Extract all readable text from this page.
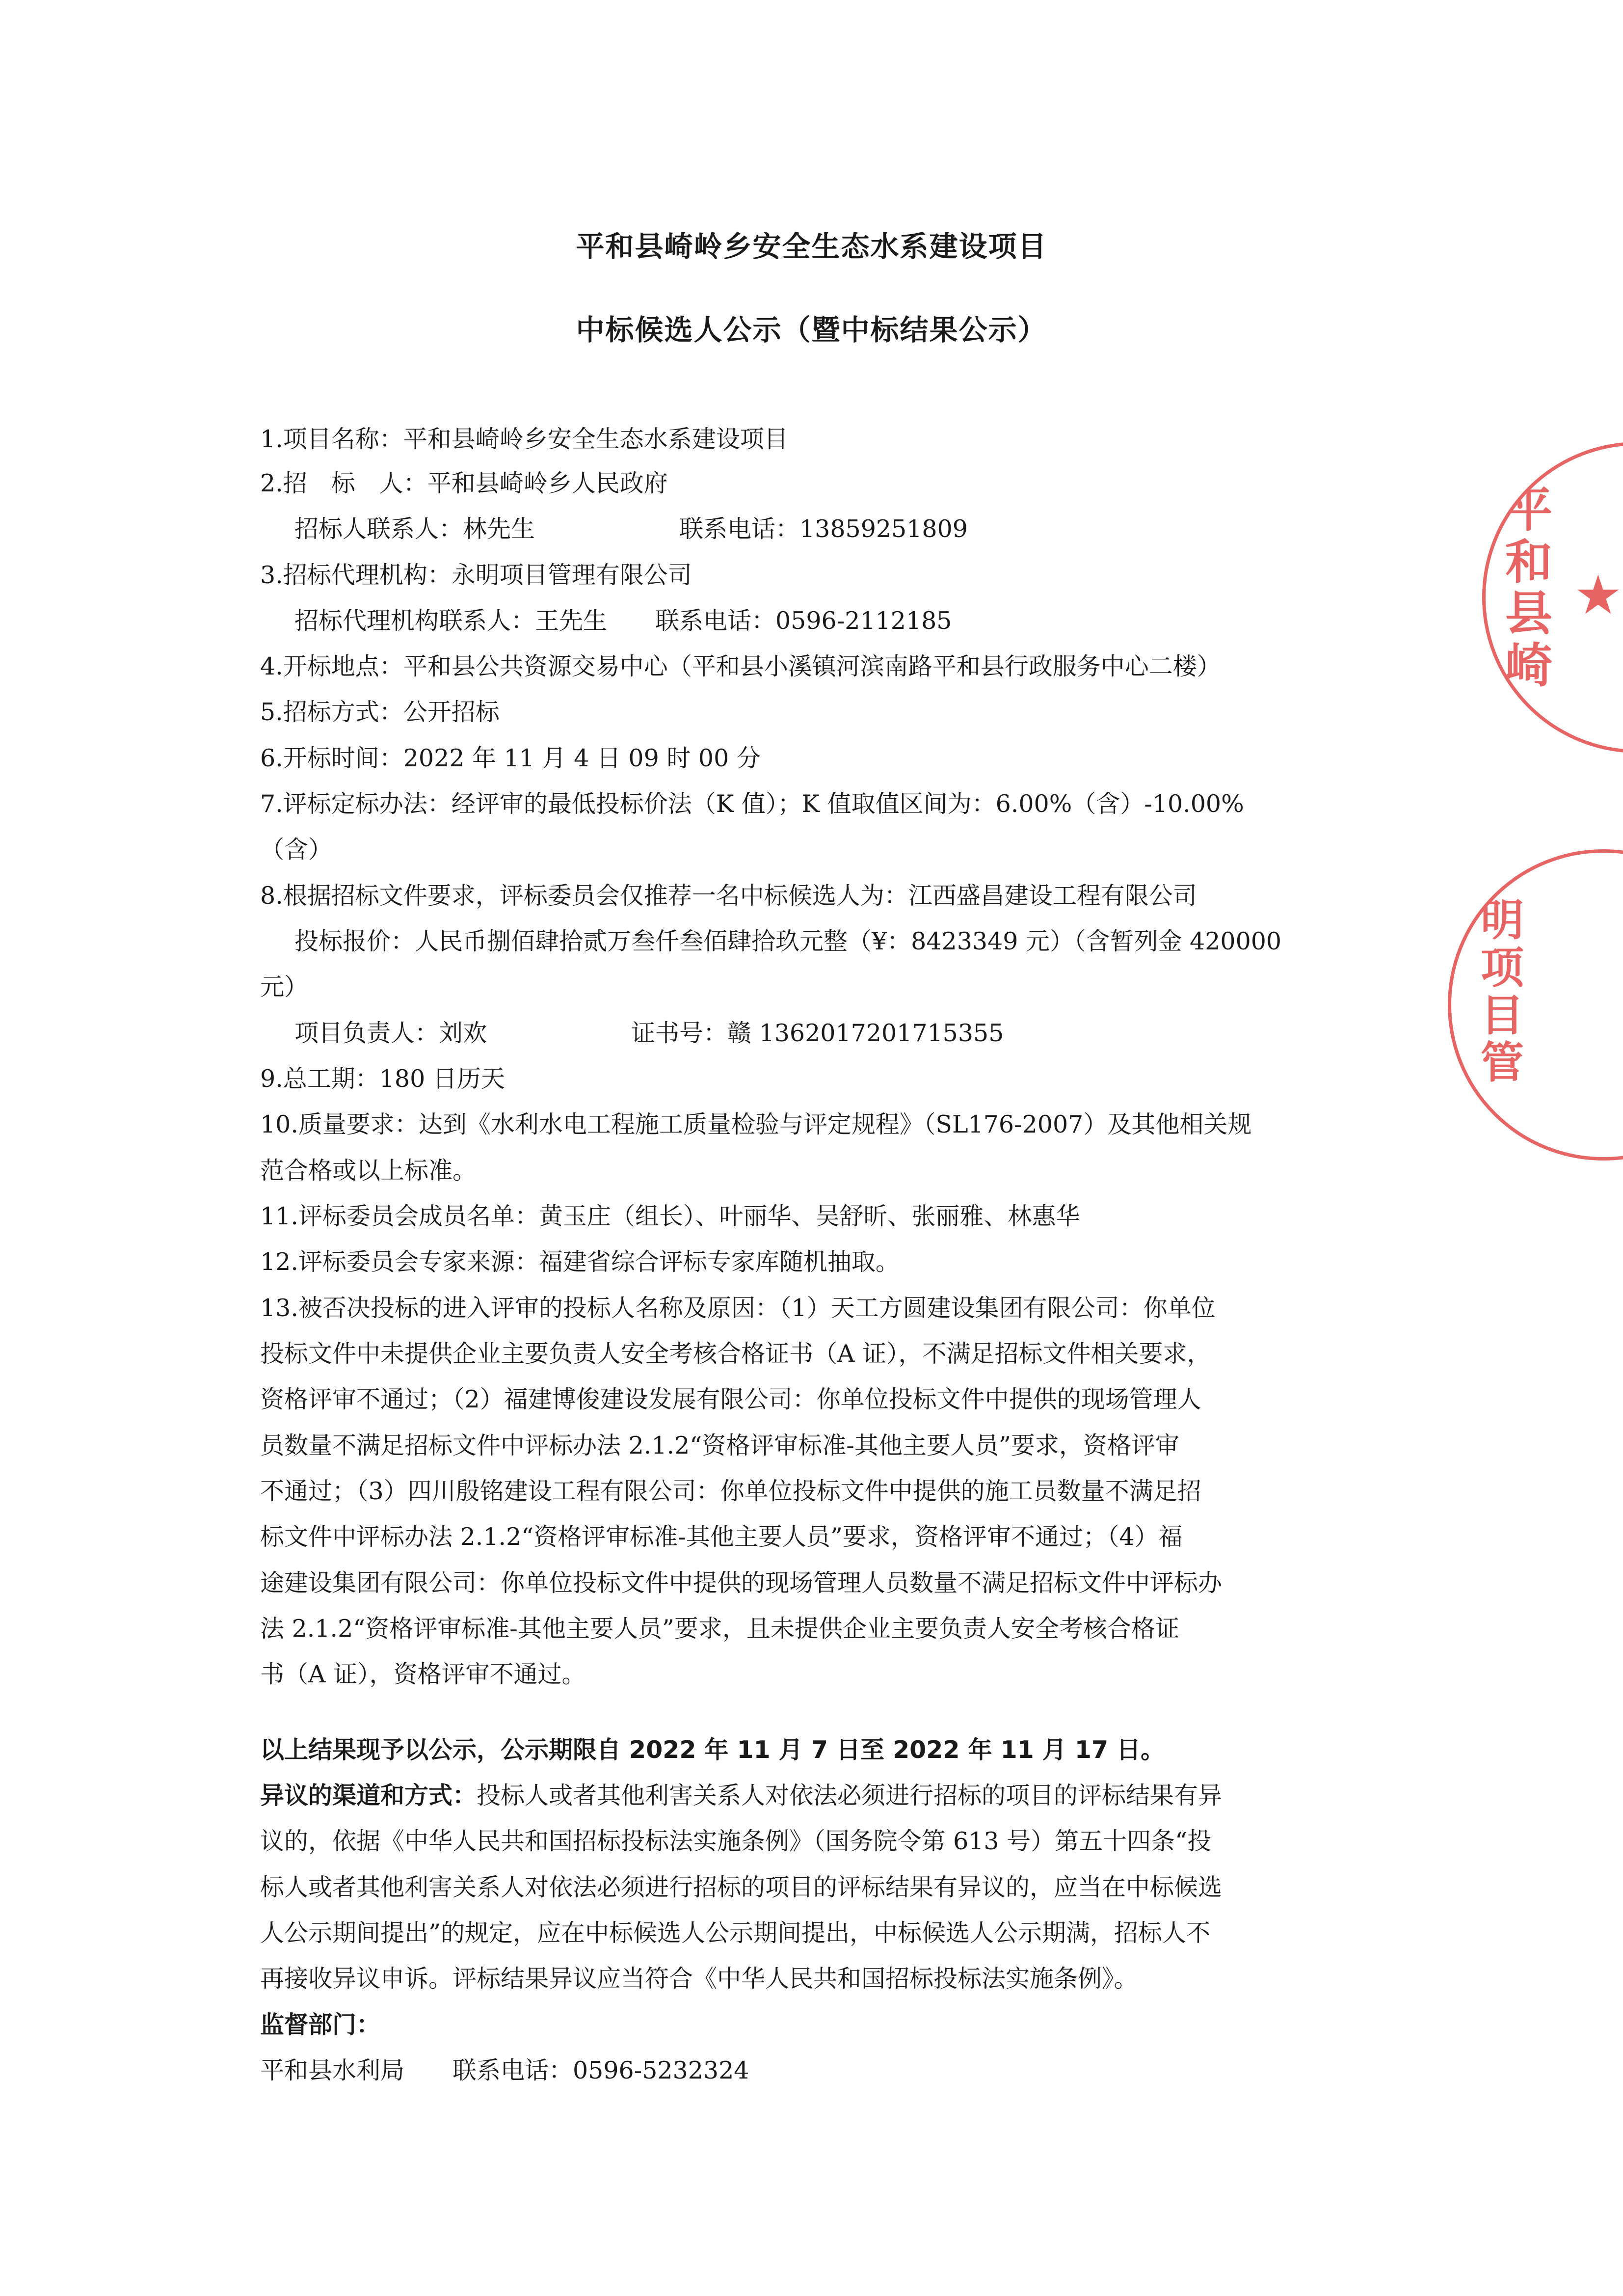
平和县崎岭乡安全生态水系建设项目
中标候选人公示（暨中标结果公示）
1.项目名称：平和县崎岭乡安全生态水系建设项目
2.招　标　人：平和县崎岭乡人民政府
招标人联系人：林先生　　　　　　联系电话：13859251809
3.招标代理机构：永明项目管理有限公司
招标代理机构联系人：王先生　　联系电话：0596-2112185
4.开标地点：平和县公共资源交易中心（平和县小溪镇河滨南路平和县行政服务中心二楼）
5.招标方式：公开招标
6.开标时间：2022 年 11 月 4 日 09 时 00 分
7.评标定标办法：经评审的最低投标价法（K 值）；K 值取值区间为：6.00%（含）-10.00%
（含）
8.根据招标文件要求，评标委员会仅推荐一名中标候选人为：江西盛昌建设工程有限公司
投标报价：人民币捌佰肆拾贰万叁仟叁佰肆拾玖元整（¥：8423349 元）（含暂列金 420000
元）
项目负责人：刘欢　　　　　　证书号：赣 1362017201715355
9.总工期：180 日历天
10.质量要求：达到《水利水电工程施工质量检验与评定规程》（SL176-2007）及其他相关规
范合格或以上标准。
11.评标委员会成员名单：黄玉庄（组长）、叶丽华、吴舒昕、张丽雅、林惠华
12.评标委员会专家来源：福建省综合评标专家库随机抽取。
13.被否决投标的进入评审的投标人名称及原因：（1）天工方圆建设集团有限公司：你单位
投标文件中未提供企业主要负责人安全考核合格证书（A 证），不满足招标文件相关要求，
资格评审不通过；（2）福建博俊建设发展有限公司：你单位投标文件中提供的现场管理人
员数量不满足招标文件中评标办法 2.1.2“资格评审标准-其他主要人员”要求，资格评审
不通过；（3）四川殷铭建设工程有限公司：你单位投标文件中提供的施工员数量不满足招
标文件中评标办法 2.1.2“资格评审标准-其他主要人员”要求，资格评审不通过；（4）福
途建设集团有限公司：你单位投标文件中提供的现场管理人员数量不满足招标文件中评标办
法 2.1.2“资格评审标准-其他主要人员”要求，且未提供企业主要负责人安全考核合格证
书（A 证），资格评审不通过。
以上结果现予以公示，公示期限自 2022 年 11 月 7 日至 2022 年 11 月 17 日。
异议的渠道和方式：投标人或者其他利害关系人对依法必须进行招标的项目的评标结果有异
议的，依据《中华人民共和国招标投标法实施条例》（国务院令第 613 号）第五十四条“投
标人或者其他利害关系人对依法必须进行招标的项目的评标结果有异议的，应当在中标候选
人公示期间提出”的规定，应在中标候选人公示期间提出，中标候选人公示期满，招标人不
再接收异议申诉。评标结果异议应当符合《中华人民共和国招标投标法实施条例》。
监督部门：
平和县水利局　　联系电话：0596-5232324
平和县崎
★
明项目管
